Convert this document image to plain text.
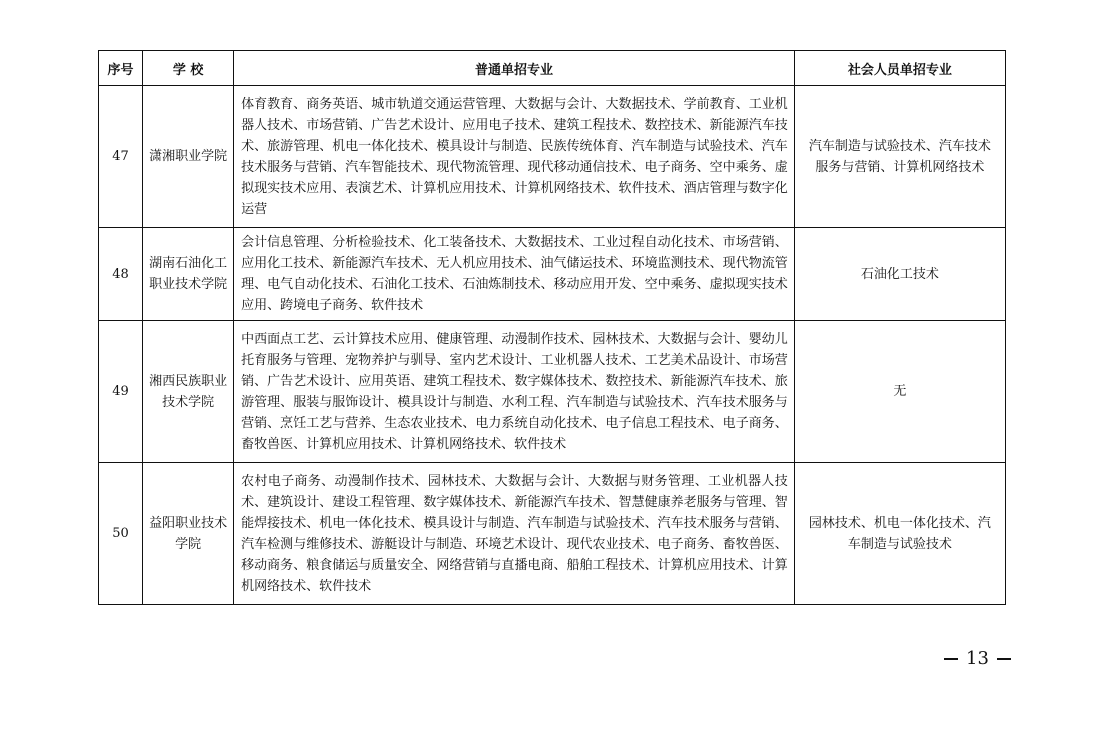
序号	学 校	普通单招专业	社会人员单招专业
47	潇湘职业学院	体育教育、商务英语、城市轨道交通运营管理、大数据与会计、大数据技术、学前教育、工业机器人技术、市场营销、广告艺术设计、应用电子技术、建筑工程技术、数控技术、新能源汽车技术、旅游管理、机电一体化技术、模具设计与制造、民族传统体育、汽车制造与试验技术、汽车技术服务与营销、汽车智能技术、现代物流管理、现代移动通信技术、电子商务、空中乘务、虚拟现实技术应用、表演艺术、计算机应用技术、计算机网络技术、软件技术、酒店管理与数字化运营	汽车制造与试验技术、汽车技术服务与营销、计算机网络技术
48	湖南石油化工职业技术学院	会计信息管理、分析检验技术、化工装备技术、大数据技术、工业过程自动化技术、市场营销、应用化工技术、新能源汽车技术、无人机应用技术、油气储运技术、环境监测技术、现代物流管理、电气自动化技术、石油化工技术、石油炼制技术、移动应用开发、空中乘务、虚拟现实技术应用、跨境电子商务、软件技术	石油化工技术
49	湘西民族职业技术学院	中西面点工艺、云计算技术应用、健康管理、动漫制作技术、园林技术、大数据与会计、婴幼儿托育服务与管理、宠物养护与驯导、室内艺术设计、工业机器人技术、工艺美术品设计、市场营销、广告艺术设计、应用英语、建筑工程技术、数字媒体技术、数控技术、新能源汽车技术、旅游管理、服装与服饰设计、模具设计与制造、水利工程、汽车制造与试验技术、汽车技术服务与营销、烹饪工艺与营养、生态农业技术、电力系统自动化技术、电子信息工程技术、电子商务、畜牧兽医、计算机应用技术、计算机网络技术、软件技术	无
50	益阳职业技术学院	农村电子商务、动漫制作技术、园林技术、大数据与会计、大数据与财务管理、工业机器人技术、建筑设计、建设工程管理、数字媒体技术、新能源汽车技术、智慧健康养老服务与管理、智能焊接技术、机电一体化技术、模具设计与制造、汽车制造与试验技术、汽车技术服务与营销、汽车检测与维修技术、游艇设计与制造、环境艺术设计、现代农业技术、电子商务、畜牧兽医、移动商务、粮食储运与质量安全、网络营销与直播电商、船舶工程技术、计算机应用技术、计算机网络技术、软件技术	园林技术、机电一体化技术、汽车制造与试验技术
13
